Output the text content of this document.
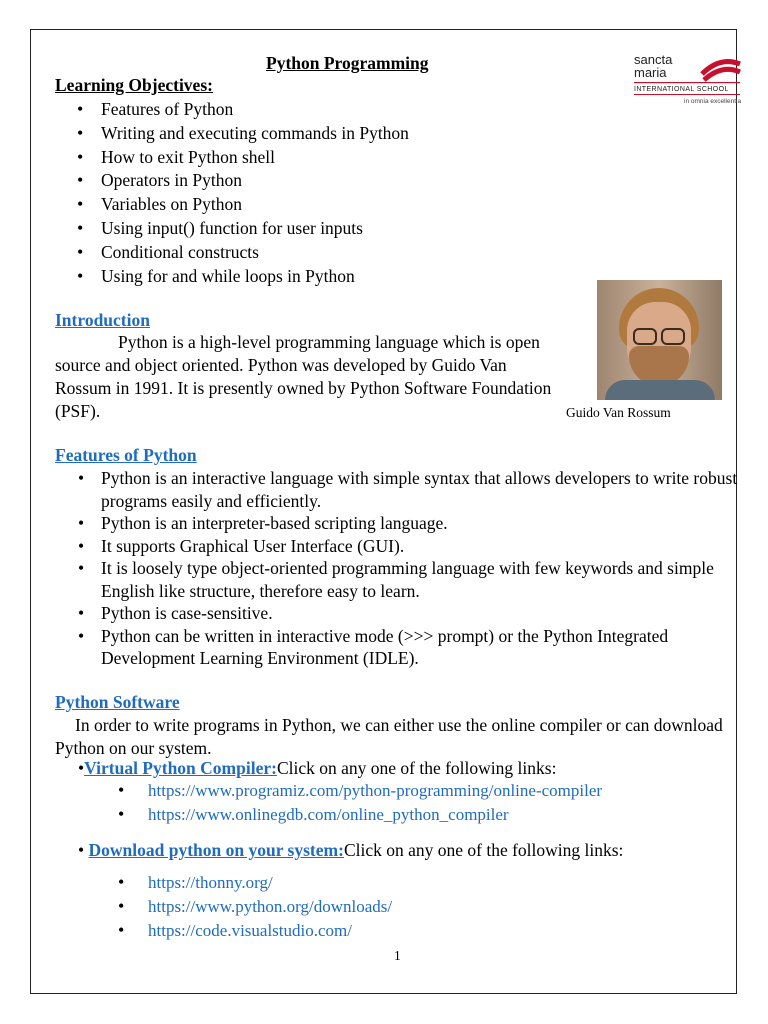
sancta
maria
INTERNATIONAL SCHOOL
in omnia excellentia
Python Programming
Learning Objectives:
• Features of Python
• Writing and executing commands in Python
• How to exit Python shell
• Operators in Python
• Variables on Python
• Using input() function for user inputs
• Conditional constructs
• Using for and while loops in Python
Introduction
Python is a high-level programming language which is open source and object oriented. Python was developed by Guido Van Rossum in 1991. It is presently owned by Python Software Foundation (PSF).	Guido Van Rossum
Features of Python
• Python is an interactive language with simple syntax that allows developers to write robust programs easily and efficiently.
• Python is an interpreter-based scripting language.
• It supports Graphical User Interface (GUI).
• It is loosely type object-oriented programming language with few keywords and simple English like structure, therefore easy to learn.
• Python is case-sensitive.
• Python can be written in interactive mode (>>> prompt) or the Python Integrated Development Learning Environment (IDLE).
Python Software
In order to write programs in Python, we can either use the online compiler or can download Python on our system.
•Virtual Python Compiler:Click on any one of the following links:
• https://www.programiz.com/python-programming/online-compiler
• https://www.onlinegdb.com/online_python_compiler
• Download python on your system:Click on any one of the following links:
• https://thonny.org/
• https://www.python.org/downloads/
• https://code.visualstudio.com/
1
